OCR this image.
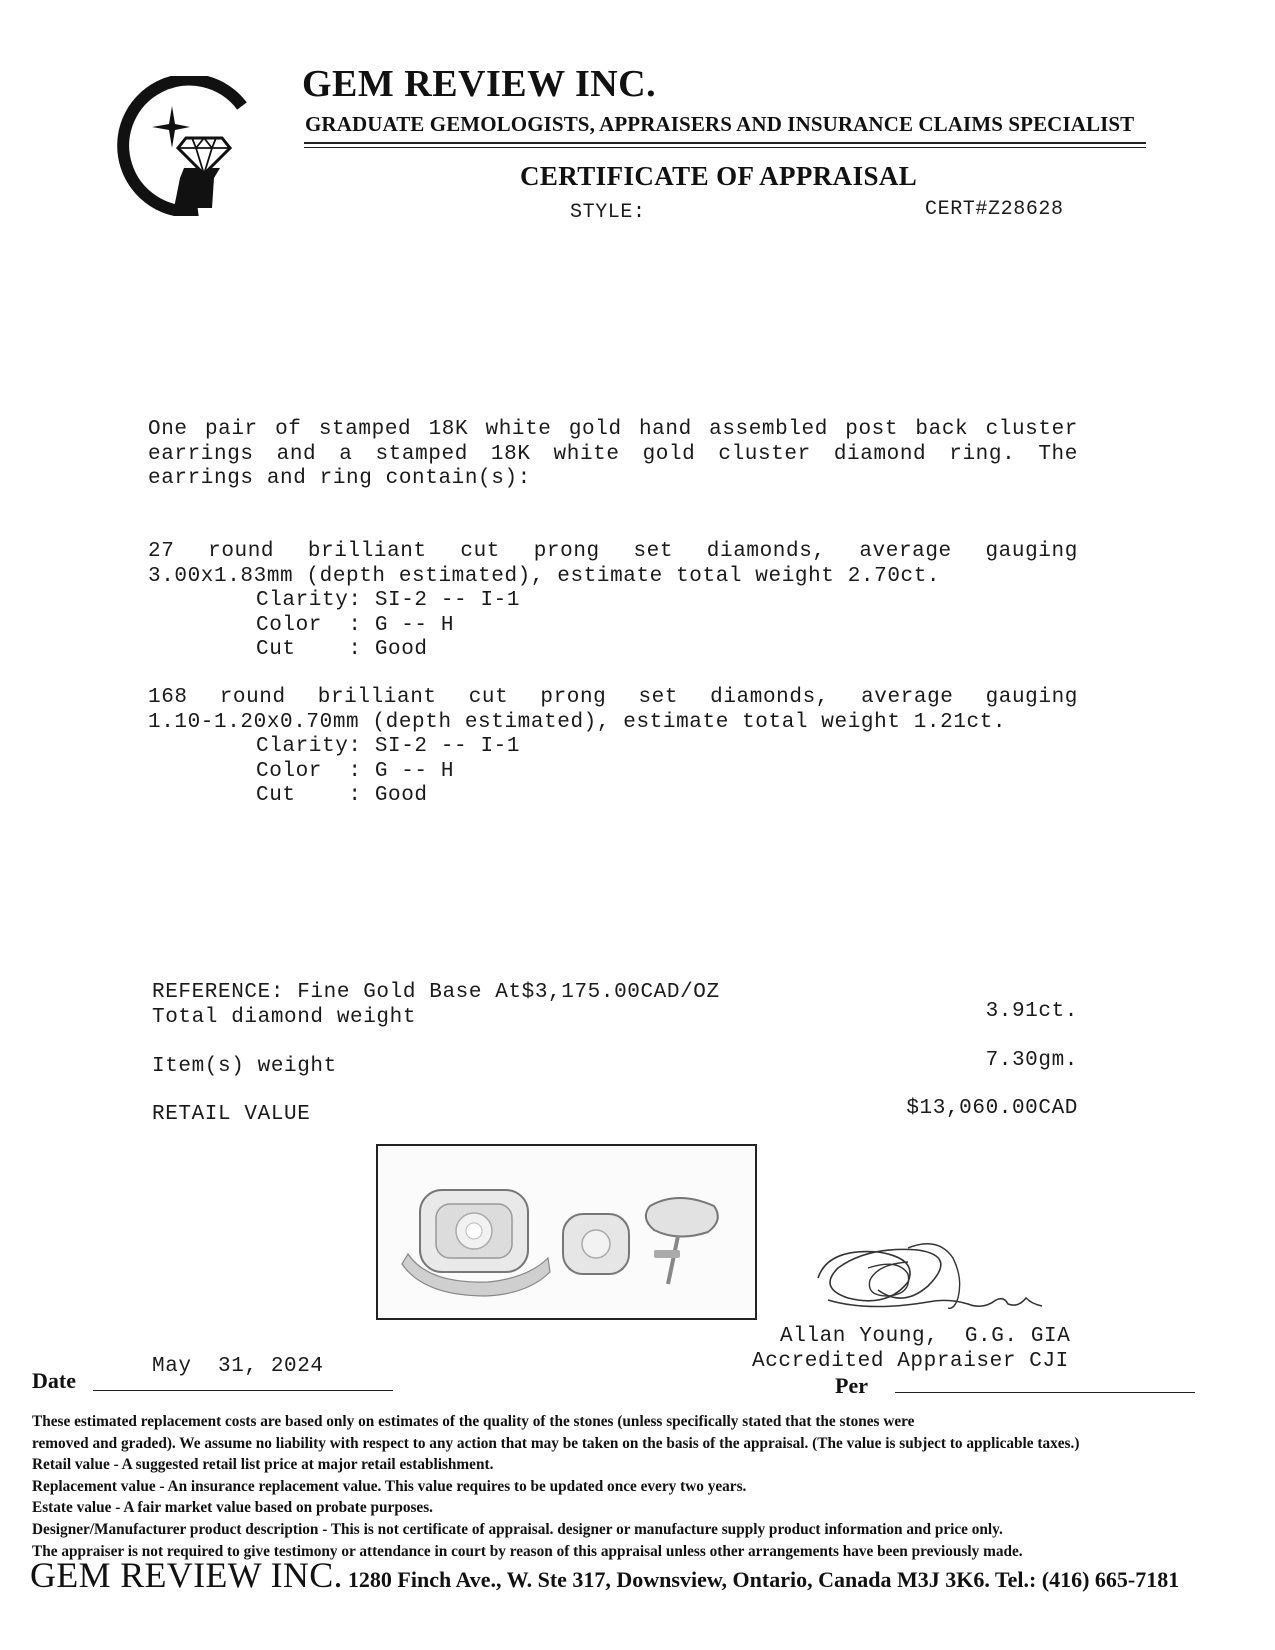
GEM REVIEW INC.
GRADUATE GEMOLOGISTS, APPRAISERS AND INSURANCE CLAIMS SPECIALIST
CERTIFICATE OF APPRAISAL
STYLE:	CERT#Z28628
One pair of stamped 18K white gold hand assembled post back cluster
earrings and a stamped 18K white gold cluster diamond ring. The
earrings and ring contain(s):
27 round brilliant cut prong set diamonds, average gauging
3.00x1.83mm (depth estimated), estimate total weight 2.70ct.
Clarity : SI-2 -- I-1
Color : G -- H
Cut : Good
168 round brilliant cut prong set diamonds, average gauging
1.10-1.20x0.70mm (depth estimated), estimate total weight 1.21ct.
Clarity : SI-2 -- I-1
Color : G -- H
Cut : Good
REFERENCE: Fine Gold Base At$3,175.00CAD/OZ
Total diamond weight	3.91ct.
Item(s) weight	7.30gm.
RETAIL VALUE	$13,060.00CAD
Allan Young,  G.G. GIA
Accredited Appraiser CJI
May  31, 2024
Date	Per
These estimated replacement costs are based only on estimates of the quality of the stones (unless specifically stated that the stones were
removed and graded). We assume no liability with respect to any action that may be taken on the basis of the appraisal. (The value is subject to applicable taxes.)
Retail value - A suggested retail list price at major retail establishment.
Replacement value - An insurance replacement value. This value requires to be updated once every two years.
Estate value - A fair market value based on probate purposes.
Designer/Manufacturer product description - This is not certificate of appraisal. designer or manufacture supply product information and price only.
The appraiser is not required to give testimony or attendance in court by reason of this appraisal unless other arrangements have been previously made.
GEM REVIEW INC. 1280 Finch Ave., W. Ste 317, Downsview, Ontario, Canada M3J 3K6. Tel.: (416) 665-7181
